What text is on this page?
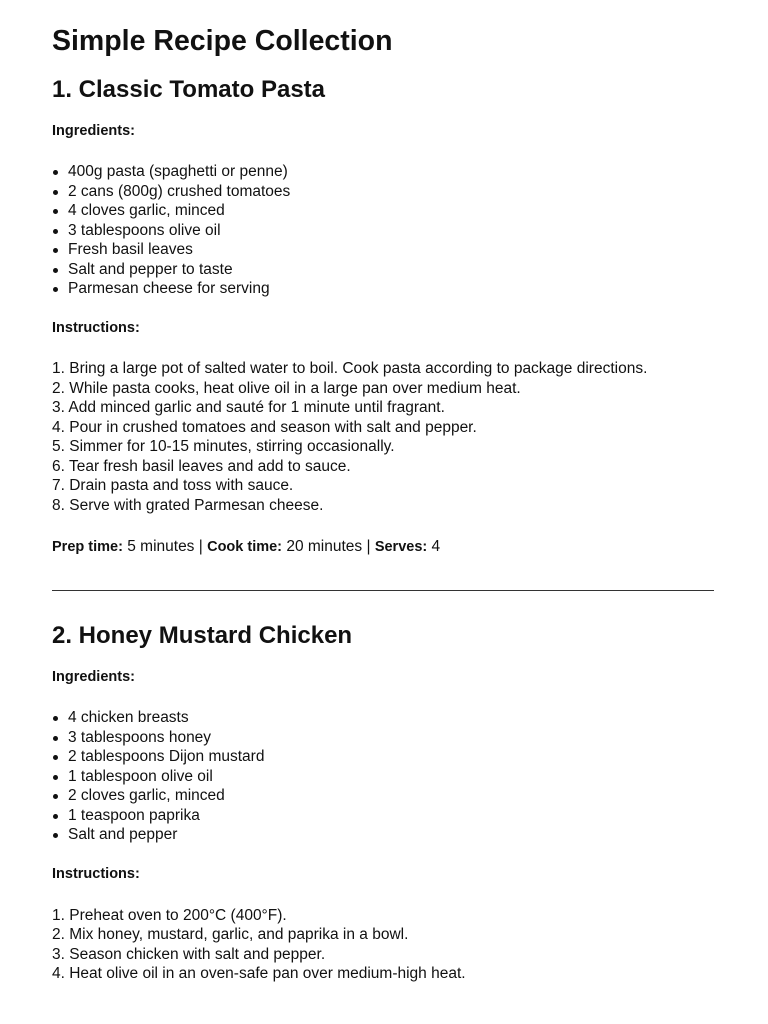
Simple Recipe Collection
1. Classic Tomato Pasta

Ingredients:

400g pasta (spaghetti or penne)
2 cans (800g) crushed tomatoes
4 cloves garlic, minced
3 tablespoons olive oil
Fresh basil leaves
Salt and pepper to taste
Parmesan cheese for serving

Instructions:

1. Bring a large pot of salted water to boil. Cook pasta according to package directions.
2. While pasta cooks, heat olive oil in a large pan over medium heat.
3. Add minced garlic and sauté for 1 minute until fragrant.
4. Pour in crushed tomatoes and season with salt and pepper.
5. Simmer for 10-15 minutes, stirring occasionally.
6. Tear fresh basil leaves and add to sauce.
7. Drain pasta and toss with sauce.
8. Serve with grated Parmesan cheese.

Prep time: 5 minutes | Cook time: 20 minutes | Serves: 4

2. Honey Mustard Chicken

Ingredients:

4 chicken breasts
3 tablespoons honey
2 tablespoons Dijon mustard
1 tablespoon olive oil
2 cloves garlic, minced
1 teaspoon paprika
Salt and pepper

Instructions:

1. Preheat oven to 200°C (400°F).
2. Mix honey, mustard, garlic, and paprika in a bowl.
3. Season chicken with salt and pepper.
4. Heat olive oil in an oven-safe pan over medium-high heat.
